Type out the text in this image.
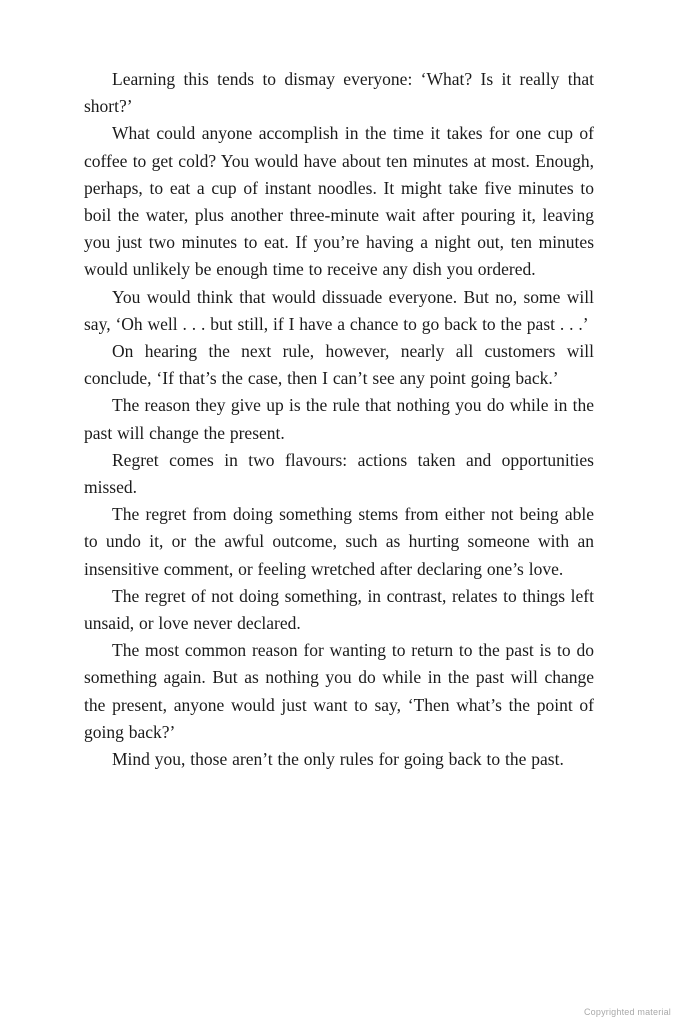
Learning this tends to dismay everyone: ‘What? Is it really that short?’

What could anyone accomplish in the time it takes for one cup of coffee to get cold? You would have about ten minutes at most. Enough, perhaps, to eat a cup of instant noodles. It might take five minutes to boil the water, plus another three-minute wait after pouring it, leaving you just two minutes to eat. If you’re having a night out, ten minutes would unlikely be enough time to receive any dish you ordered.

You would think that would dissuade everyone. But no, some will say, ‘Oh well . . . but still, if I have a chance to go back to the past . . .’

On hearing the next rule, however, nearly all customers will conclude, ‘If that’s the case, then I can’t see any point going back.’

The reason they give up is the rule that nothing you do while in the past will change the present.

Regret comes in two flavours: actions taken and opportunities missed.

The regret from doing something stems from either not being able to undo it, or the awful outcome, such as hurting someone with an insensitive comment, or feeling wretched after declaring one’s love.

The regret of not doing something, in contrast, relates to things left unsaid, or love never declared.

The most common reason for wanting to return to the past is to do something again. But as nothing you do while in the past will change the present, anyone would just want to say, ‘Then what’s the point of going back?’

Mind you, those aren’t the only rules for going back to the past.

Copyrighted material
